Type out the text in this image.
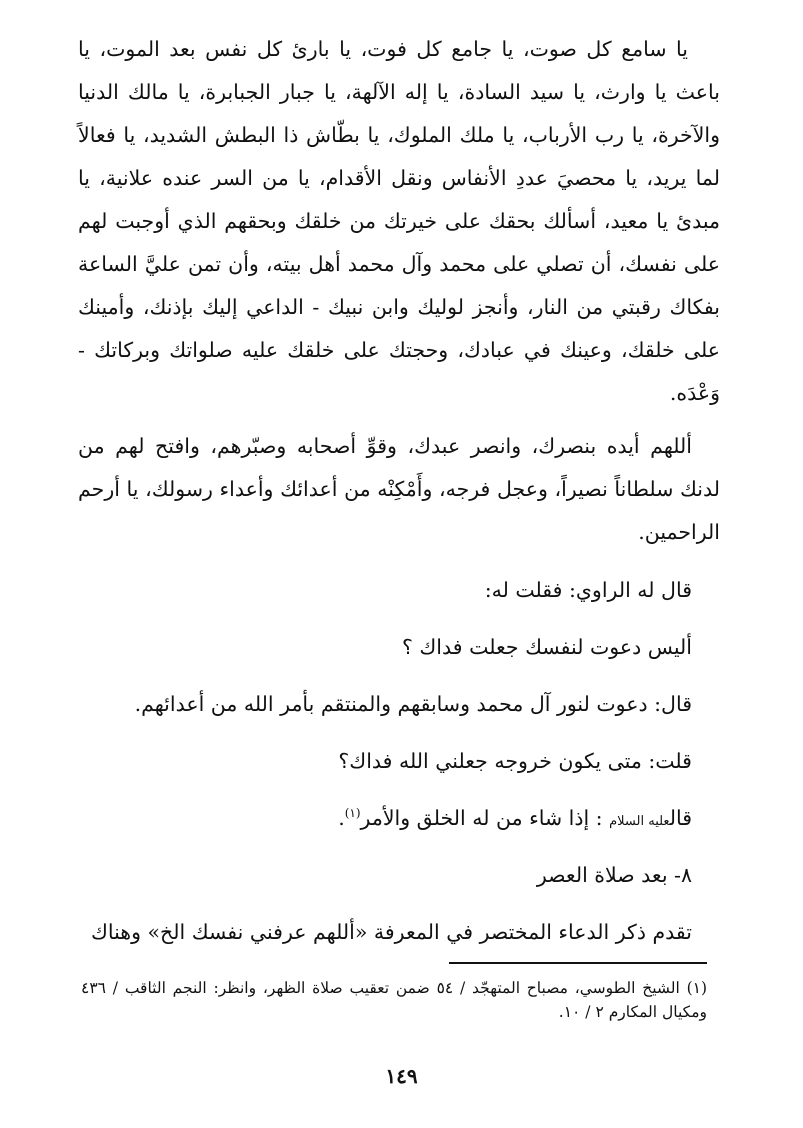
يا سامع كل صوت، يا جامع كل فوت، يا بارئ كل نفس بعد الموت، يا باعث يا وارث، يا سيد السادة، يا إله الآلهة، يا جبار الجبابرة، يا مالك الدنيا والآخرة، يا رب الأرباب، يا ملك الملوك، يا بطّاش ذا البطش الشديد، يا فعالاً لما يريد، يا محصيَ عددِ الأنفاس ونقل الأقدام، يا من السر عنده علانية، يا مبدئ يا معيد، أسألك بحقك على خيرتك من خلقك وبحقهم الذي أوجبت لهم على نفسك، أن تصلي على محمد وآل محمد أهل بيته، وأن تمن عليَّ الساعة بفكاك رقبتي من النار، وأنجز لوليك وابن نبيك - الداعي إليك بإذنك، وأمينك على خلقك، وعينك في عبادك، وحجتك على خلقك عليه صلواتك وبركاتك - وَعْدَه.

أللهم أيده بنصرك، وانصر عبدك، وقوِّ أصحابه وصبّرهم، وافتح لهم من لدنك سلطاناً نصيراً، وعجل فرجه، وأَمْكِنْه من أعدائك وأعداء رسولك، يا أرحم الراحمين.

قال له الراوي: فقلت له:

أليس دعوت لنفسك جعلت فداك ؟

قال: دعوت لنور آل محمد وسابقهم والمنتقم بأمر الله من أعدائهم.

قلت: متى يكون خروجه جعلني الله فداك؟

قالعليه السلام : إذا شاء من له الخلق والأمر$^{(١)}$.

٨- بعد صلاة العصر

تقدم ذكر الدعاء المختصر في المعرفة «أللهم عرفني نفسك الخ» وهناك

(١) الشيخ الطوسي، مصباح المتهجّد / ٥٤ ضمن تعقيب صلاة الظهر، وانظر: النجم الثاقب / ٤٣٦ ومكيال المكارم ٢ / ١٠.
١٤٩
